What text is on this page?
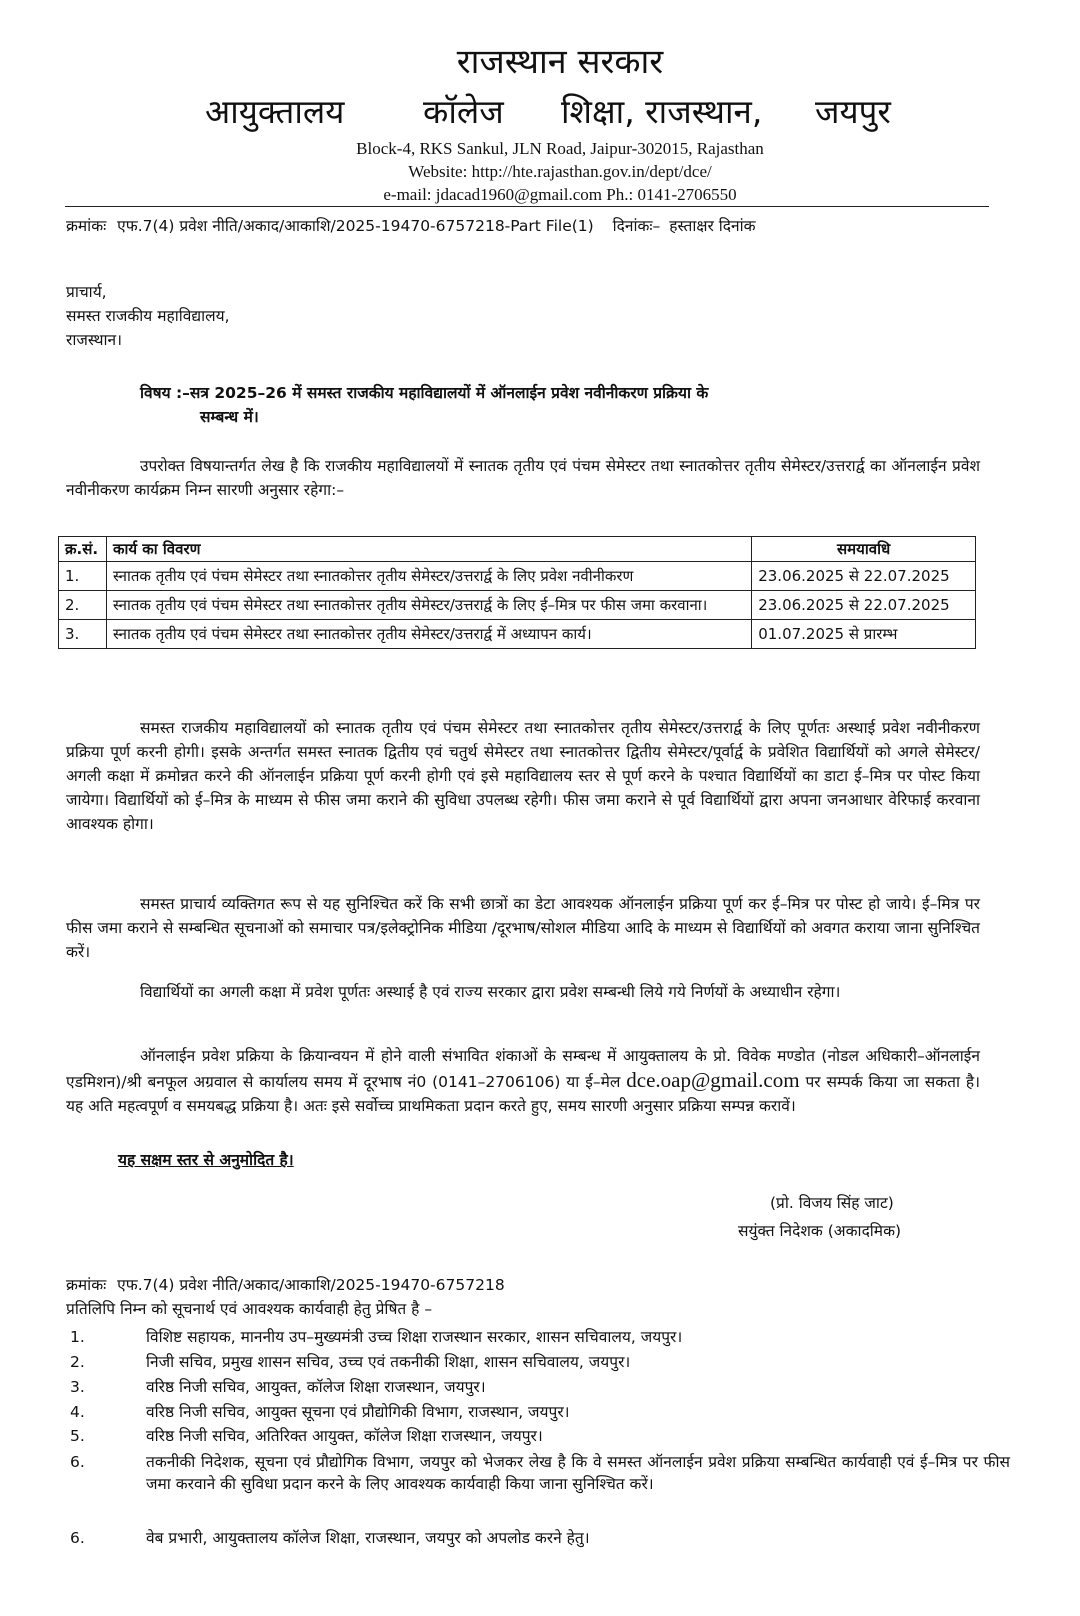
राजस्थान सरकार
आयुक्तालय कॉलेज शिक्षा, राजस्थान, जयपुर
Block-4, RKS Sankul, JLN Road, Jaipur-302015, Rajasthan
Website: http://hte.rajasthan.gov.in/dept/dce/
e-mail: jdacad1960@gmail.com Ph.: 0141-2706550
क्रमांकः एफ.7(4) प्रवेश नीति/अकाद/आकाशि/2025-19470-6757218-Part File(1) दिनांकः– हस्ताक्षर दिनांक
प्राचार्य,
समस्त राजकीय महाविद्यालय,
राजस्थान।
विषय :–सत्र 2025–26 में समस्त राजकीय महाविद्यालयों में ऑनलाईन प्रवेश नवीनीकरण प्रक्रिया के
सम्बन्ध में।
उपरोक्त विषयान्तर्गत लेख है कि राजकीय महाविद्यालयों में स्नातक तृतीय एवं पंचम सेमेस्टर तथा स्नातकोत्तर तृतीय सेमेस्टर/उत्तरार्द्व का ऑनलाईन प्रवेश नवीनीकरण कार्यक्रम निम्न सारणी अनुसार रहेगा:–
क्र.सं.	कार्य का विवरण	समयावधि
1.	स्नातक तृतीय एवं पंचम सेमेस्टर तथा स्नातकोत्तर तृतीय सेमेस्टर/उत्तरार्द्व के लिए प्रवेश नवीनीकरण	23.06.2025 से 22.07.2025
2.	स्नातक तृतीय एवं पंचम सेमेस्टर तथा स्नातकोत्तर तृतीय सेमेस्टर/उत्तरार्द्व के लिए ई–मित्र पर फीस जमा करवाना।	23.06.2025 से 22.07.2025
3.	स्नातक तृतीय एवं पंचम सेमेस्टर तथा स्नातकोत्तर तृतीय सेमेस्टर/उत्तरार्द्व में अध्यापन कार्य।	01.07.2025 से प्रारम्भ
समस्त राजकीय महाविद्यालयों को स्नातक तृतीय एवं पंचम सेमेस्टर तथा स्नातकोत्तर तृतीय सेमेस्टर/उत्तरार्द्व के लिए पूर्णतः अस्थाई प्रवेश नवीनीकरण प्रक्रिया पूर्ण करनी होगी। इसके अन्तर्गत समस्त स्नातक द्वितीय एवं चतुर्थ सेमेस्टर तथा स्नातकोत्तर द्वितीय सेमेस्टर/पूर्वार्द्व के प्रवेशित विद्यार्थियों को अगले सेमेस्टर/अगली कक्षा में क्रमोन्नत करने की ऑनलाईन प्रक्रिया पूर्ण करनी होगी एवं इसे महाविद्यालय स्तर से पूर्ण करने के पश्चात विद्यार्थियों का डाटा ई–मित्र पर पोस्ट किया जायेगा। विद्यार्थियों को ई–मित्र के माध्यम से फीस जमा कराने की सुविधा उपलब्ध रहेगी। फीस जमा कराने से पूर्व विद्यार्थियों द्वारा अपना जनआधार वेरिफाई करवाना आवश्यक होगा।
समस्त प्राचार्य व्यक्तिगत रूप से यह सुनिश्चित करें कि सभी छात्रों का डेटा आवश्यक ऑनलाईन प्रक्रिया पूर्ण कर ई–मित्र पर पोस्ट हो जाये। ई–मित्र पर फीस जमा कराने से सम्बन्धित सूचनाओं को समाचार पत्र/इलेक्ट्रोनिक मीडिया /दूरभाष/सोशल मीडिया आदि के माध्यम से विद्यार्थियों को अवगत कराया जाना सुनिश्चित करें।
विद्यार्थियों का अगली कक्षा में प्रवेश पूर्णतः अस्थाई है एवं राज्य सरकार द्वारा प्रवेश सम्बन्धी लिये गये निर्णयों के अध्याधीन रहेगा।
ऑनलाईन प्रवेश प्रक्रिया के क्रियान्वयन में होने वाली संभावित शंकाओं के सम्बन्ध में आयुक्तालय के प्रो. विवेक मण्डोत (नोडल अधिकारी–ऑनलाईन एडमिशन)/श्री बनफूल अग्रवाल से कार्यालय समय में दूरभाष नं0 (0141–2706106) या ई–मेल dce.oap@gmail.com पर सम्पर्क किया जा सकता है। यह अति महत्वपूर्ण व समयबद्ध प्रक्रिया है। अतः इसे सर्वोच्च प्राथमिकता प्रदान करते हुए, समय सारणी अनुसार प्रक्रिया सम्पन्न करावें।
यह सक्षम स्तर से अनुमोदित है।
(प्रो. विजय सिंह जाट)
सयुंक्त निदेशक (अकादमिक)
क्रमांकः एफ.7(4) प्रवेश नीति/अकाद/आकाशि/2025-19470-6757218
प्रतिलिपि निम्न को सूचनार्थ एवं आवश्यक कार्यवाही हेतु प्रेषित है –
1.	विशिष्ट सहायक, माननीय उप–मुख्यमंत्री उच्च शिक्षा राजस्थान सरकार, शासन सचिवालय, जयपुर।
2.	निजी सचिव, प्रमुख शासन सचिव, उच्च एवं तकनीकी शिक्षा, शासन सचिवालय, जयपुर।
3.	वरिष्ठ निजी सचिव, आयुक्त, कॉलेज शिक्षा राजस्थान, जयपुर।
4.	वरिष्ठ निजी सचिव, आयुक्त सूचना एवं प्रौद्योगिकी विभाग, राजस्थान, जयपुर।
5.	वरिष्ठ निजी सचिव, अतिरिक्त आयुक्त, कॉलेज शिक्षा राजस्थान, जयपुर।
6.	तकनीकी निदेशक, सूचना एवं प्रौद्योगिक विभाग, जयपुर को भेजकर लेख है कि वे समस्त ऑनलाईन प्रवेश प्रक्रिया सम्बन्धित कार्यवाही एवं ई–मित्र पर फीस जमा करवाने की सुविधा प्रदान करने के लिए आवश्यक कार्यवाही किया जाना सुनिश्चित करें।
6.	वेब प्रभारी, आयुक्तालय कॉलेज शिक्षा, राजस्थान, जयपुर को अपलोड करने हेतु।
